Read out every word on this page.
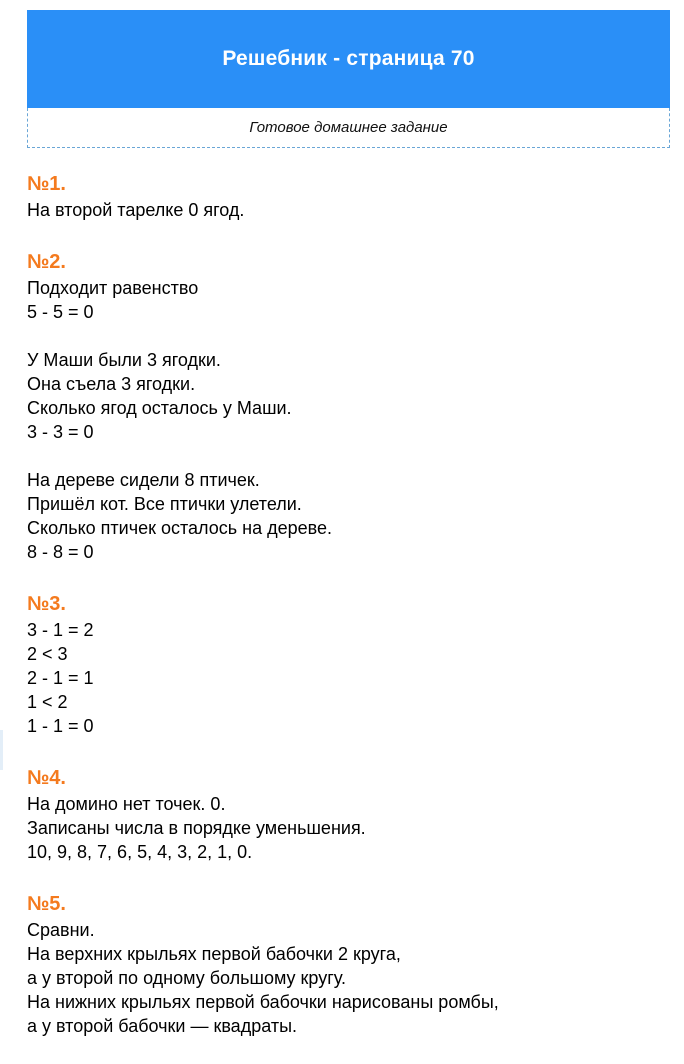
Решебник - страница 70
Готовое домашнее задание
№1.
На второй тарелке 0 ягод.
№2.
Подходит равенство
5 - 5 = 0
У Маши были 3 ягодки.
Она съела 3 ягодки.
Сколько ягод осталось у Маши.
3 - 3 = 0
На дереве сидели 8 птичек.
Пришёл кот. Все птички улетели.
Сколько птичек осталось на дереве.
8 - 8 = 0
№3.
3 - 1 = 2
2 < 3
2 - 1 = 1
1 < 2
1 - 1 = 0
№4.
На домино нет точек. 0.
Записаны числа в порядке уменьшения.
10, 9, 8, 7, 6, 5, 4, 3, 2, 1, 0.
№5.
Сравни.
На верхних крыльях первой бабочки 2 круга,
а у второй по одному большому кругу.
На нижних крыльях первой бабочки нарисованы ромбы,
а у второй бабочки — квадраты.
